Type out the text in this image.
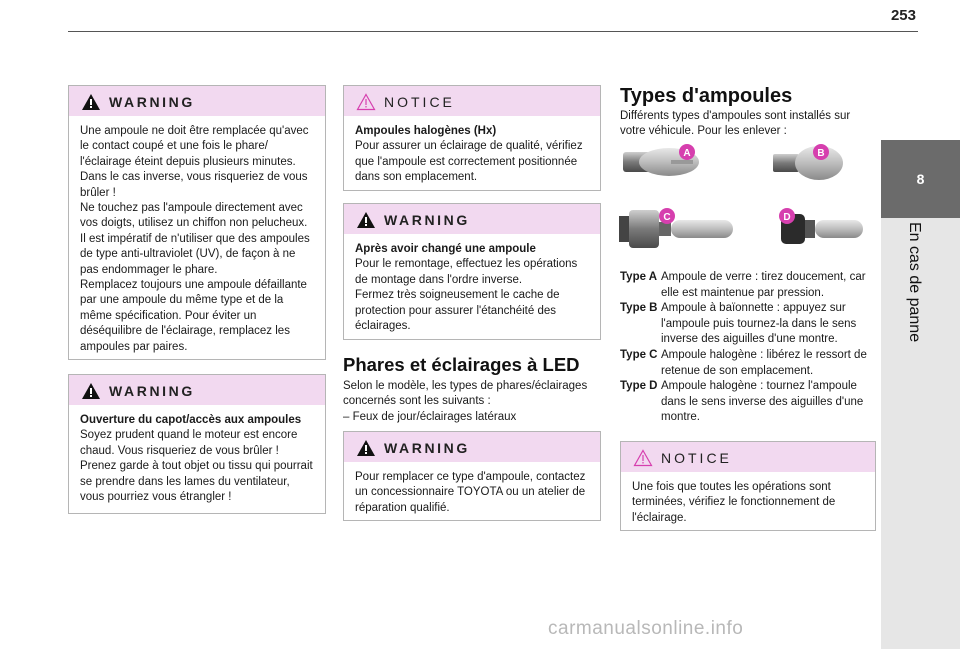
253
8
En cas de panne
WARNING

Une ampoule ne doit être remplacée qu'avec le contact coupé et une fois le phare/ l'éclairage éteint depuis plusieurs minutes.
Dans le cas inverse, vous risqueriez de vous brûler !
Ne touchez pas l'ampoule directement avec vos doigts, utilisez un chiffon non pelucheux.
Il est impératif de n'utiliser que des ampoules de type anti-ultraviolet (UV), de façon à ne pas endommager le phare.
Remplacez toujours une ampoule défaillante par une ampoule du même type et de la même spécification. Pour éviter un déséquilibre de l'éclairage, remplacez les ampoules par paires.

WARNING

Ouverture du capot/accès aux ampoules

Soyez prudent quand le moteur est encore chaud. Vous risqueriez de vous brûler !
Prenez garde à tout objet ou tissu qui pourrait se prendre dans les lames du ventilateur, vous pourriez vous étrangler !

NOTICE

Ampoules halogènes (Hx)

Pour assurer un éclairage de qualité, vérifiez que l'ampoule est correctement positionnée dans son emplacement.

WARNING

Après avoir changé une ampoule

Pour le remontage, effectuez les opérations de montage dans l'ordre inverse.
Fermez très soigneusement le cache de protection pour assurer l'étanchéité des éclairages.

Phares et éclairages à LED
Selon le modèle, les types de phares/éclairages concernés sont les suivants :
– Feux de jour/éclairages latéraux
WARNING

Pour remplacer ce type d'ampoule, contactez un concessionnaire TOYOTA ou un atelier de réparation qualifié.

Types d'ampoules
Différents types d'ampoules sont installés sur votre véhicule. Pour les enlever :
A	B
C	D
Type A Ampoule de verre : tirez doucement, car elle est maintenue par pression.
Type B Ampoule à baïonnette : appuyez sur l'ampoule puis tournez-la dans le sens inverse des aiguilles d'une montre.
Type C Ampoule halogène : libérez le ressort de retenue de son emplacement.
Type D Ampoule halogène : tournez l'ampoule dans le sens inverse des aiguilles d'une montre.
NOTICE

Une fois que toutes les opérations sont terminées, vérifiez le fonctionnement de l'éclairage.

carmanualsonline.info
